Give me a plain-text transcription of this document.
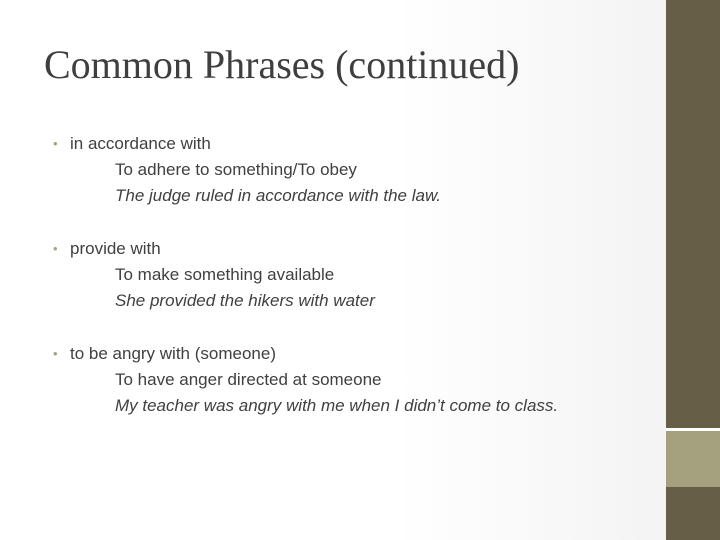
Common Phrases (continued)
• in accordance with
To adhere to something/To obey
The judge ruled in accordance with the law.
• provide with
To make something available
She provided the hikers with water
• to be angry with (someone)
To have anger directed at someone
My teacher was angry with me when I didn’t come to class.
